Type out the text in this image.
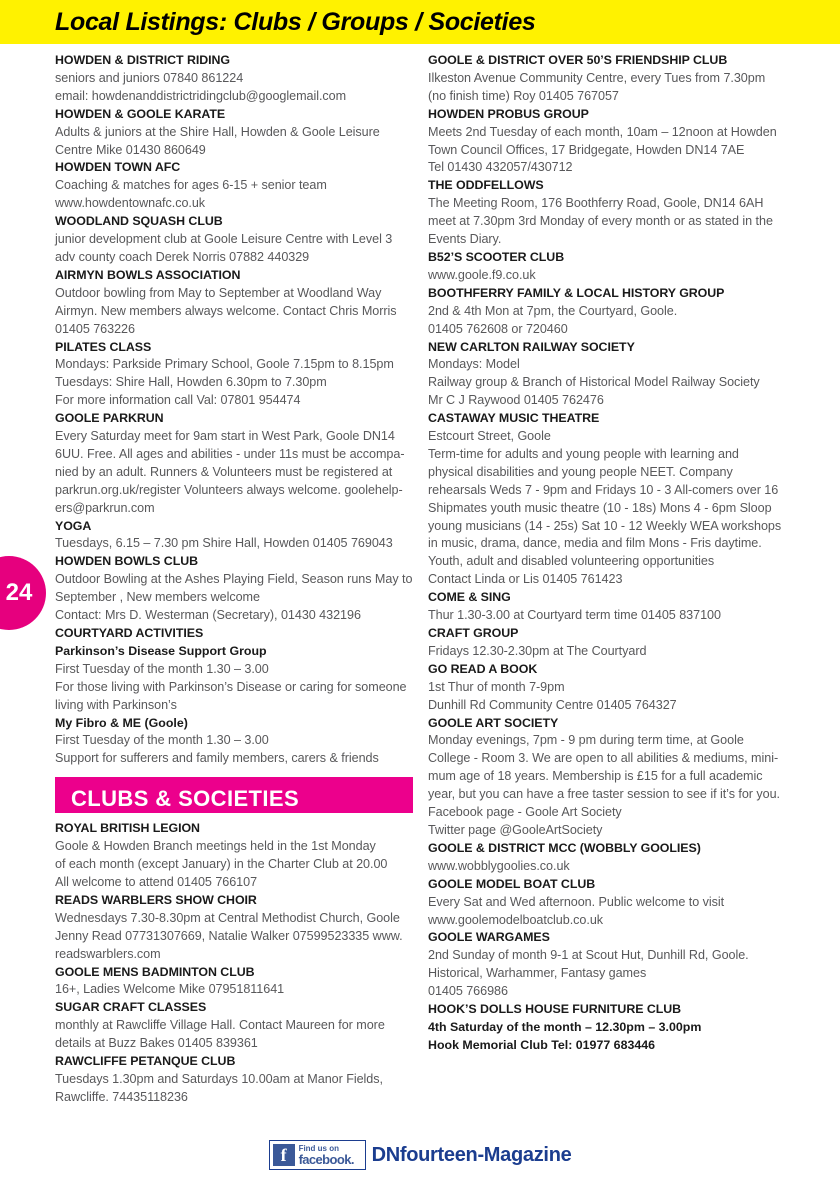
Local Listings: Clubs / Groups / Societies
24
HOWDEN & DISTRICT RIDING
seniors and juniors 07840 861224
email: howdenanddistrictridingclub@googlemail.com
HOWDEN & GOOLE KARATE
Adults & juniors at the Shire Hall, Howden & Goole Leisure
Centre Mike 01430 860649
HOWDEN TOWN AFC
Coaching & matches for ages 6-15 + senior team
www.howdentownafc.co.uk
WOODLAND SQUASH CLUB
junior development club at Goole Leisure Centre with Level 3
adv county coach Derek Norris 07882 440329
AIRMYN BOWLS ASSOCIATION
Outdoor bowling from May to September at Woodland Way
Airmyn. New members always welcome. Contact Chris Morris
01405 763226
PILATES CLASS
Mondays: Parkside Primary School, Goole 7.15pm to 8.15pm
Tuesdays: Shire Hall, Howden 6.30pm to 7.30pm
For more information call Val: 07801 954474
GOOLE PARKRUN
Every Saturday meet for 9am start in West Park, Goole DN14
6UU. Free. All ages and abilities - under 11s must be accompa-
nied by an adult. Runners & Volunteers must be registered at
parkrun.org.uk/register Volunteers always welcome. goolehelp-
ers@parkrun.com
YOGA
Tuesdays, 6.15 – 7.30 pm Shire Hall, Howden 01405 769043
HOWDEN BOWLS CLUB
Outdoor Bowling at the Ashes Playing Field, Season runs May to
September , New members welcome
Contact: Mrs D. Westerman (Secretary), 01430 432196
COURTYARD ACTIVITIES
Parkinson’s Disease Support Group
First Tuesday of the month 1.30 – 3.00
For those living with Parkinson’s Disease or caring for someone
living with Parkinson’s
My Fibro & ME (Goole)
First Tuesday of the month 1.30 – 3.00
Support for sufferers and family members, carers & friends
CLUBS & SOCIETIES
ROYAL BRITISH LEGION
Goole & Howden Branch meetings held in the 1st Monday
of each month (except January) in the Charter Club at 20.00
All welcome to attend 01405 766107
READS WARBLERS SHOW CHOIR
Wednesdays 7.30-8.30pm at Central Methodist Church, Goole
Jenny Read 07731307669, Natalie Walker 07599523335 www.
readswarblers.com
GOOLE MENS BADMINTON CLUB
16+, Ladies Welcome Mike 07951811641
SUGAR CRAFT CLASSES
monthly at Rawcliffe Village Hall. Contact Maureen for more
details at Buzz Bakes 01405 839361
RAWCLIFFE PETANQUE CLUB
Tuesdays 1.30pm and Saturdays 10.00am at Manor Fields,
Rawcliffe. 74435118236
GOOLE & DISTRICT OVER 50’S FRIENDSHIP CLUB
Ilkeston Avenue Community Centre, every Tues from 7.30pm
(no finish time) Roy 01405 767057
HOWDEN PROBUS GROUP
Meets 2nd Tuesday of each month, 10am – 12noon at Howden
Town Council Offices, 17 Bridgegate, Howden DN14 7AE
Tel 01430 432057/430712
THE ODDFELLOWS
The Meeting Room, 176 Boothferry Road, Goole, DN14 6AH
meet at 7.30pm 3rd Monday of every month or as stated in the
Events Diary.
B52’S SCOOTER CLUB
www.goole.f9.co.uk
BOOTHFERRY FAMILY & LOCAL HISTORY GROUP
2nd & 4th Mon at 7pm, the Courtyard, Goole.
01405 762608 or 720460
NEW CARLTON RAILWAY SOCIETY
Mondays: Model
Railway group & Branch of Historical Model Railway Society
Mr C J Raywood 01405 762476
CASTAWAY MUSIC THEATRE
Estcourt Street, Goole
Term-time for adults and young people with learning and
physical disabilities and young people NEET. Company
rehearsals Weds 7 - 9pm and Fridays 10 - 3 All-comers over 16
Shipmates youth music theatre (10 - 18s) Mons 4 - 6pm Sloop
young musicians (14 - 25s) Sat 10 - 12 Weekly WEA workshops
in music, drama, dance, media and film Mons - Fris daytime.
Youth, adult and disabled volunteering opportunities
Contact Linda or Lis 01405 761423
COME & SING
Thur 1.30-3.00 at Courtyard term time 01405 837100
CRAFT GROUP
Fridays 12.30-2.30pm at The Courtyard
GO READ A BOOK
1st Thur of month 7-9pm
Dunhill Rd Community Centre 01405 764327
GOOLE ART SOCIETY
Monday evenings, 7pm - 9 pm during term time, at Goole
College - Room 3. We are open to all abilities & mediums, mini-
mum age of 18 years. Membership is £15 for a full academic
year, but you can have a free taster session to see if it’s for you.
Facebook page - Goole Art Society
Twitter page @GooleArtSociety
GOOLE & DISTRICT MCC (WOBBLY GOOLIES)
www.wobblygoolies.co.uk
GOOLE MODEL BOAT CLUB
Every Sat and Wed afternoon. Public welcome to visit
www.goolemodelboatclub.co.uk
GOOLE WARGAMES
2nd Sunday of month 9-1 at Scout Hut, Dunhill Rd, Goole.
Historical, Warhammer, Fantasy games
01405 766986
HOOK’S DOLLS HOUSE FURNITURE CLUB
4th Saturday of the month – 12.30pm – 3.00pm
Hook Memorial Club Tel: 01977 683446
f	Find us on
facebook. DNfourteen-Magazine
